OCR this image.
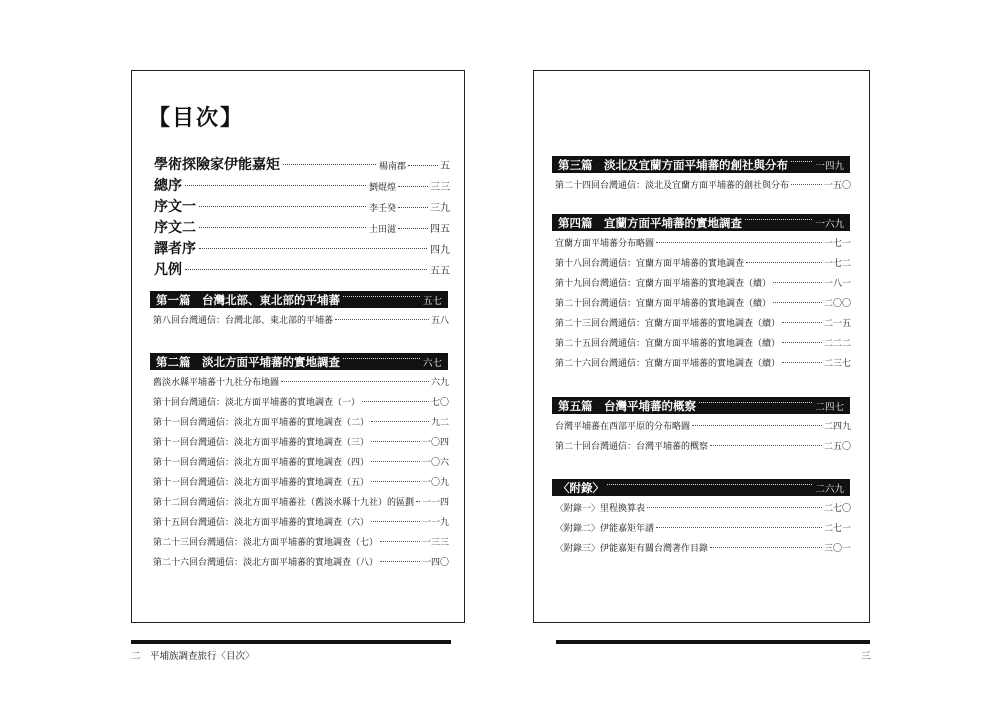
【目次】
學術探險家伊能嘉矩	楊南郡	五
總序	劉焜煌	三三
序文一	李壬癸	三九
序文二	土田滋	四五
譯者序	四九
凡例	五五
第一篇　台灣北部、東北部的平埔蕃	五七
第八回台灣通信：台灣北部、東北部的平埔蕃	五八
第二篇　淡北方面平埔蕃的實地調查	六七
舊淡水縣平埔蕃十九社分布地圖	六九
第十回台灣通信：淡北方面平埔蕃的實地調查（一）	七〇
第十一回台灣通信：淡北方面平埔蕃的實地調查（二）	九二
第十一回台灣通信：淡北方面平埔蕃的實地調查（三）	一〇四
第十一回台灣通信：淡北方面平埔蕃的實地調查（四）	一〇六
第十一回台灣通信：淡北方面平埔蕃的實地調查（五）	一〇九
第十二回台灣通信：淡北方面平埔蕃社（舊淡水縣十九社）的區劃 一一四
第十五回台灣通信：淡北方面平埔蕃的實地調查（六）	一一九
第二十三回台灣通信：淡北方面平埔蕃的實地調查（七）	一三三
第二十六回台灣通信：淡北方面平埔蕃的實地調查（八）	一四〇
第三篇　淡北及宜蘭方面平埔蕃的創社與分布	一四九
第二十四回台灣通信：淡北及宜蘭方面平埔蕃的創社與分布	一五〇
第四篇　宜蘭方面平埔蕃的實地調查	一六九
宜蘭方面平埔蕃分布略圖	一七一
第十八回台灣通信：宜蘭方面平埔蕃的實地調查	一七二
第十九回台灣通信：宜蘭方面平埔蕃的實地調查（續）	一八一
第二十回台灣通信：宜蘭方面平埔蕃的實地調查（續）	二〇〇
第二十三回台灣通信：宜蘭方面平埔蕃的實地調查（續）	二一五
第二十五回台灣通信：宜蘭方面平埔蕃的實地調查（續）	二二二
第二十六回台灣通信：宜蘭方面平埔蕃的實地調查（續）	二三七
第五篇　台灣平埔蕃的概察	二四七
台灣平埔蕃在西部平原的分布略圖	二四九
第二十回台灣通信：台灣平埔蕃的概察	二五〇
〈附錄〉	二六九
〈附錄一〉里程換算表	二七〇
〈附錄二〉伊能嘉矩年譜	二七一
〈附錄三〉伊能嘉矩有關台灣著作目錄	三〇一
二　 平埔族調查旅行〈目次〉	三
